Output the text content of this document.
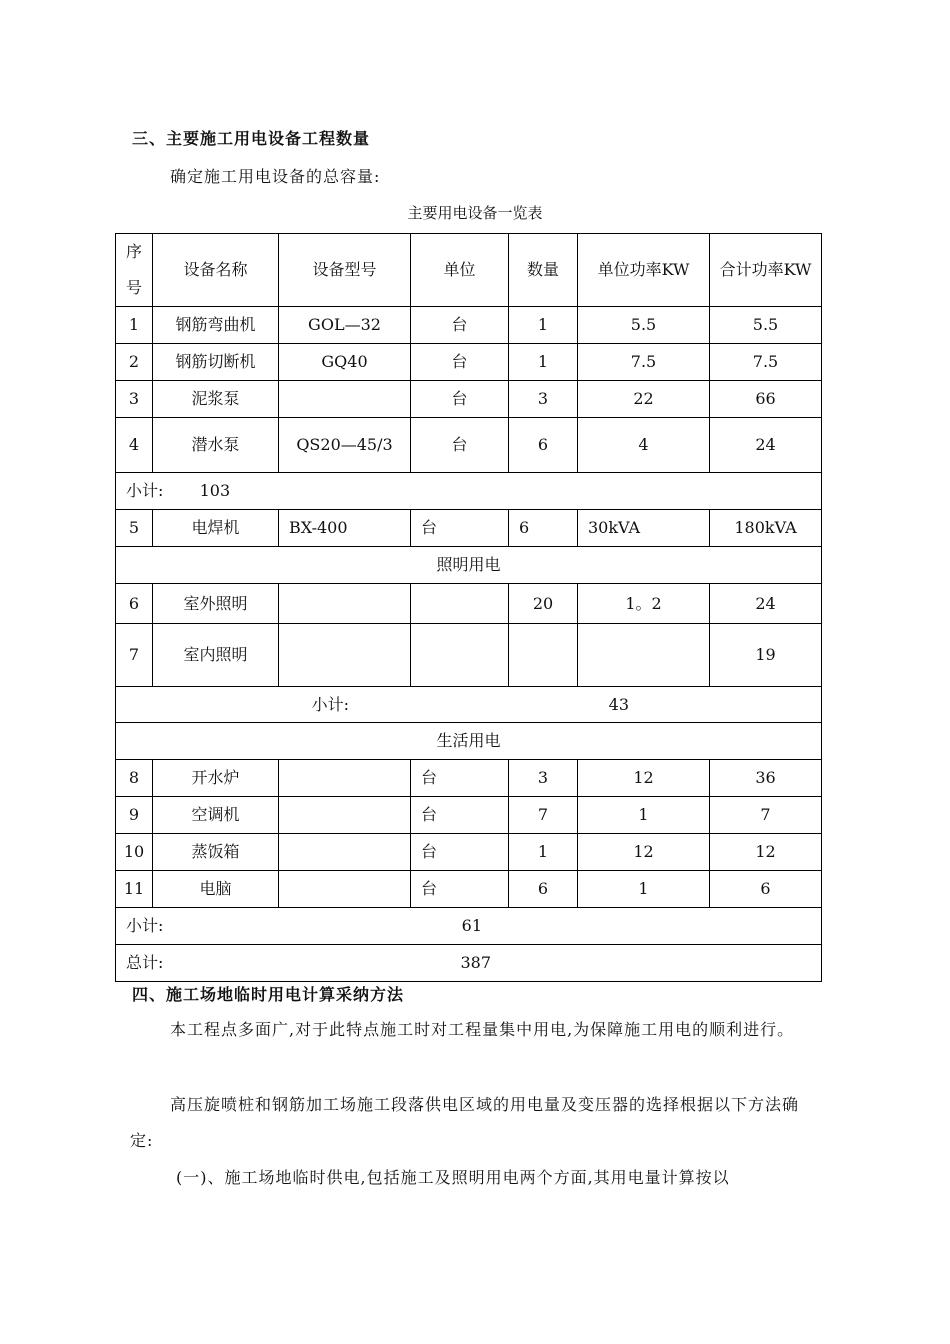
三、主要施工用电设备工程数量
确定施工用电设备的总容量:
主要用电设备一览表
序号	设备名称	设备型号	单位	数量	单位功率KW	合计功率KW
1	钢筋弯曲机	GOL—32	台	1	5.5	5.5
2	钢筋切断机	GQ40	台	1	7.5	7.5
3	泥浆泵		台	3	22	66
4	潜水泵	QS20—45/3	台	6	4	24
小计: 103						
5	电焊机	BX-400	台	6	30kVA	180kVA
照明用电						
6	室外照明			20	1。2	24
7	室内照明					19
小计: 43						
生活用电						
8	开水炉		台	3	12	36
9	空调机		台	7	1	7
10	蒸饭箱		台	1	12	12
11	电脑		台	6	1	6
小计: 61						
总计: 387						
四、施工场地临时用电计算采纳方法
本工程点多面广,对于此特点施工时对工程量集中用电,为保障施工用电的顺利进行。
高压旋喷桩和钢筋加工场施工段落供电区域的用电量及变压器的选择根据以下方法确定:
(一)、施工场地临时供电,包括施工及照明用电两个方面,其用电量计算按以
